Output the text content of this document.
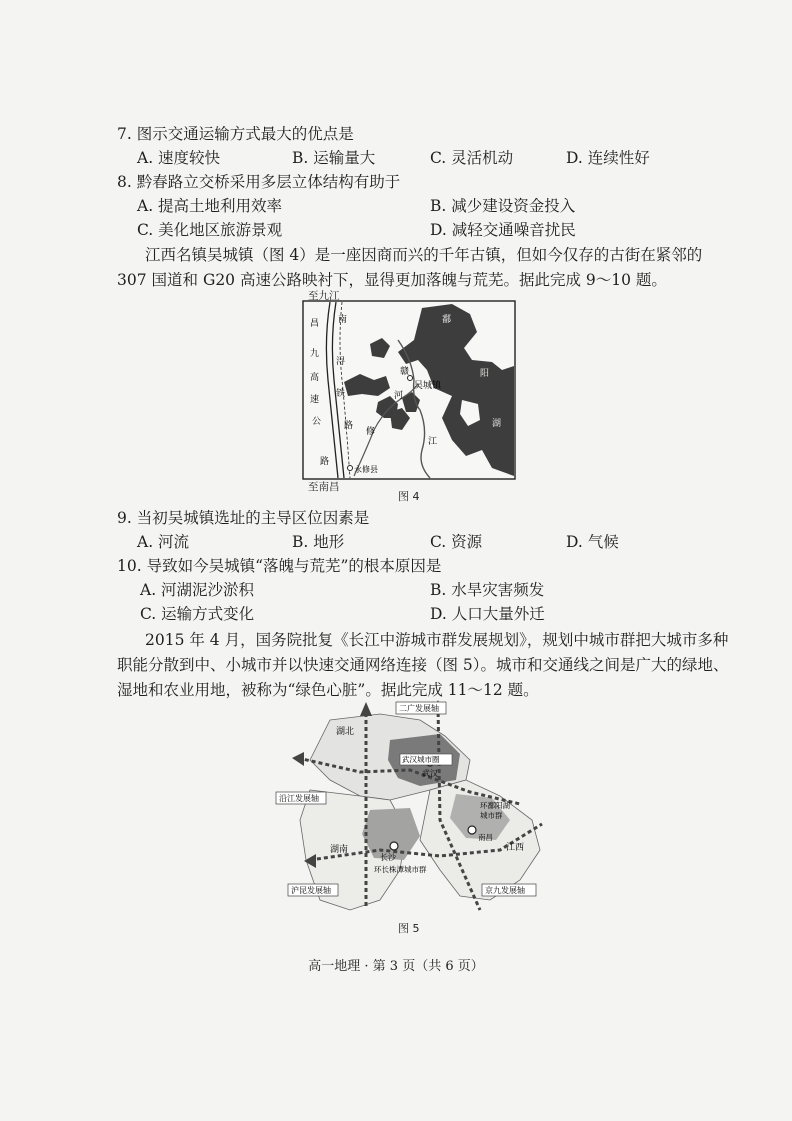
7. 图示交通运输方式最大的优点是
A. 速度较快	B. 运输量大	C. 灵活机动	D. 连续性好
8. 黔春路立交桥采用多层立体结构有助于
A. 提高土地利用效率	B. 减少建设资金投入
C. 美化地区旅游景观	D. 减轻交通噪音扰民
江西名镇吴城镇（图 4）是一座因商而兴的千年古镇，但如今仅存的古街在紧邻的
307 国道和 G20 高速公路映衬下，显得更加落魄与荒芜。据此完成 9～10 题。
昌
九
高
速
公
路
南
浔
铁
路
修
河
赣
江
吴城镇
永修县
鄱
阳
湖
至九江
至南昌
图 4
9. 当初吴城镇选址的主导区位因素是
A. 河流	B. 地形	C. 资源	D. 气候
10. 导致如今吴城镇“落魄与荒芜”的根本原因是
A. 河湖泥沙淤积	B. 水旱灾害频发
C. 运输方式变化	D. 人口大量外迁
2015 年 4 月，国务院批复《长江中游城市群发展规划》，规划中城市群把大城市多种
职能分散到中、小城市并以快速交通网络连接（图 5）。城市和交通线之间是广大的绿地、
湿地和农业用地，被称为“绿色心脏”。据此完成 11～12 题。
二广发展轴
湖北
武汉城市圈
武汉
沿江发展轴
环鄱阳湖
城市群
南昌
江西
湖南
长沙
环长株潭城市群
沪昆发展轴	京九发展轴
图 5
高一地理 · 第 3 页（共 6 页）
